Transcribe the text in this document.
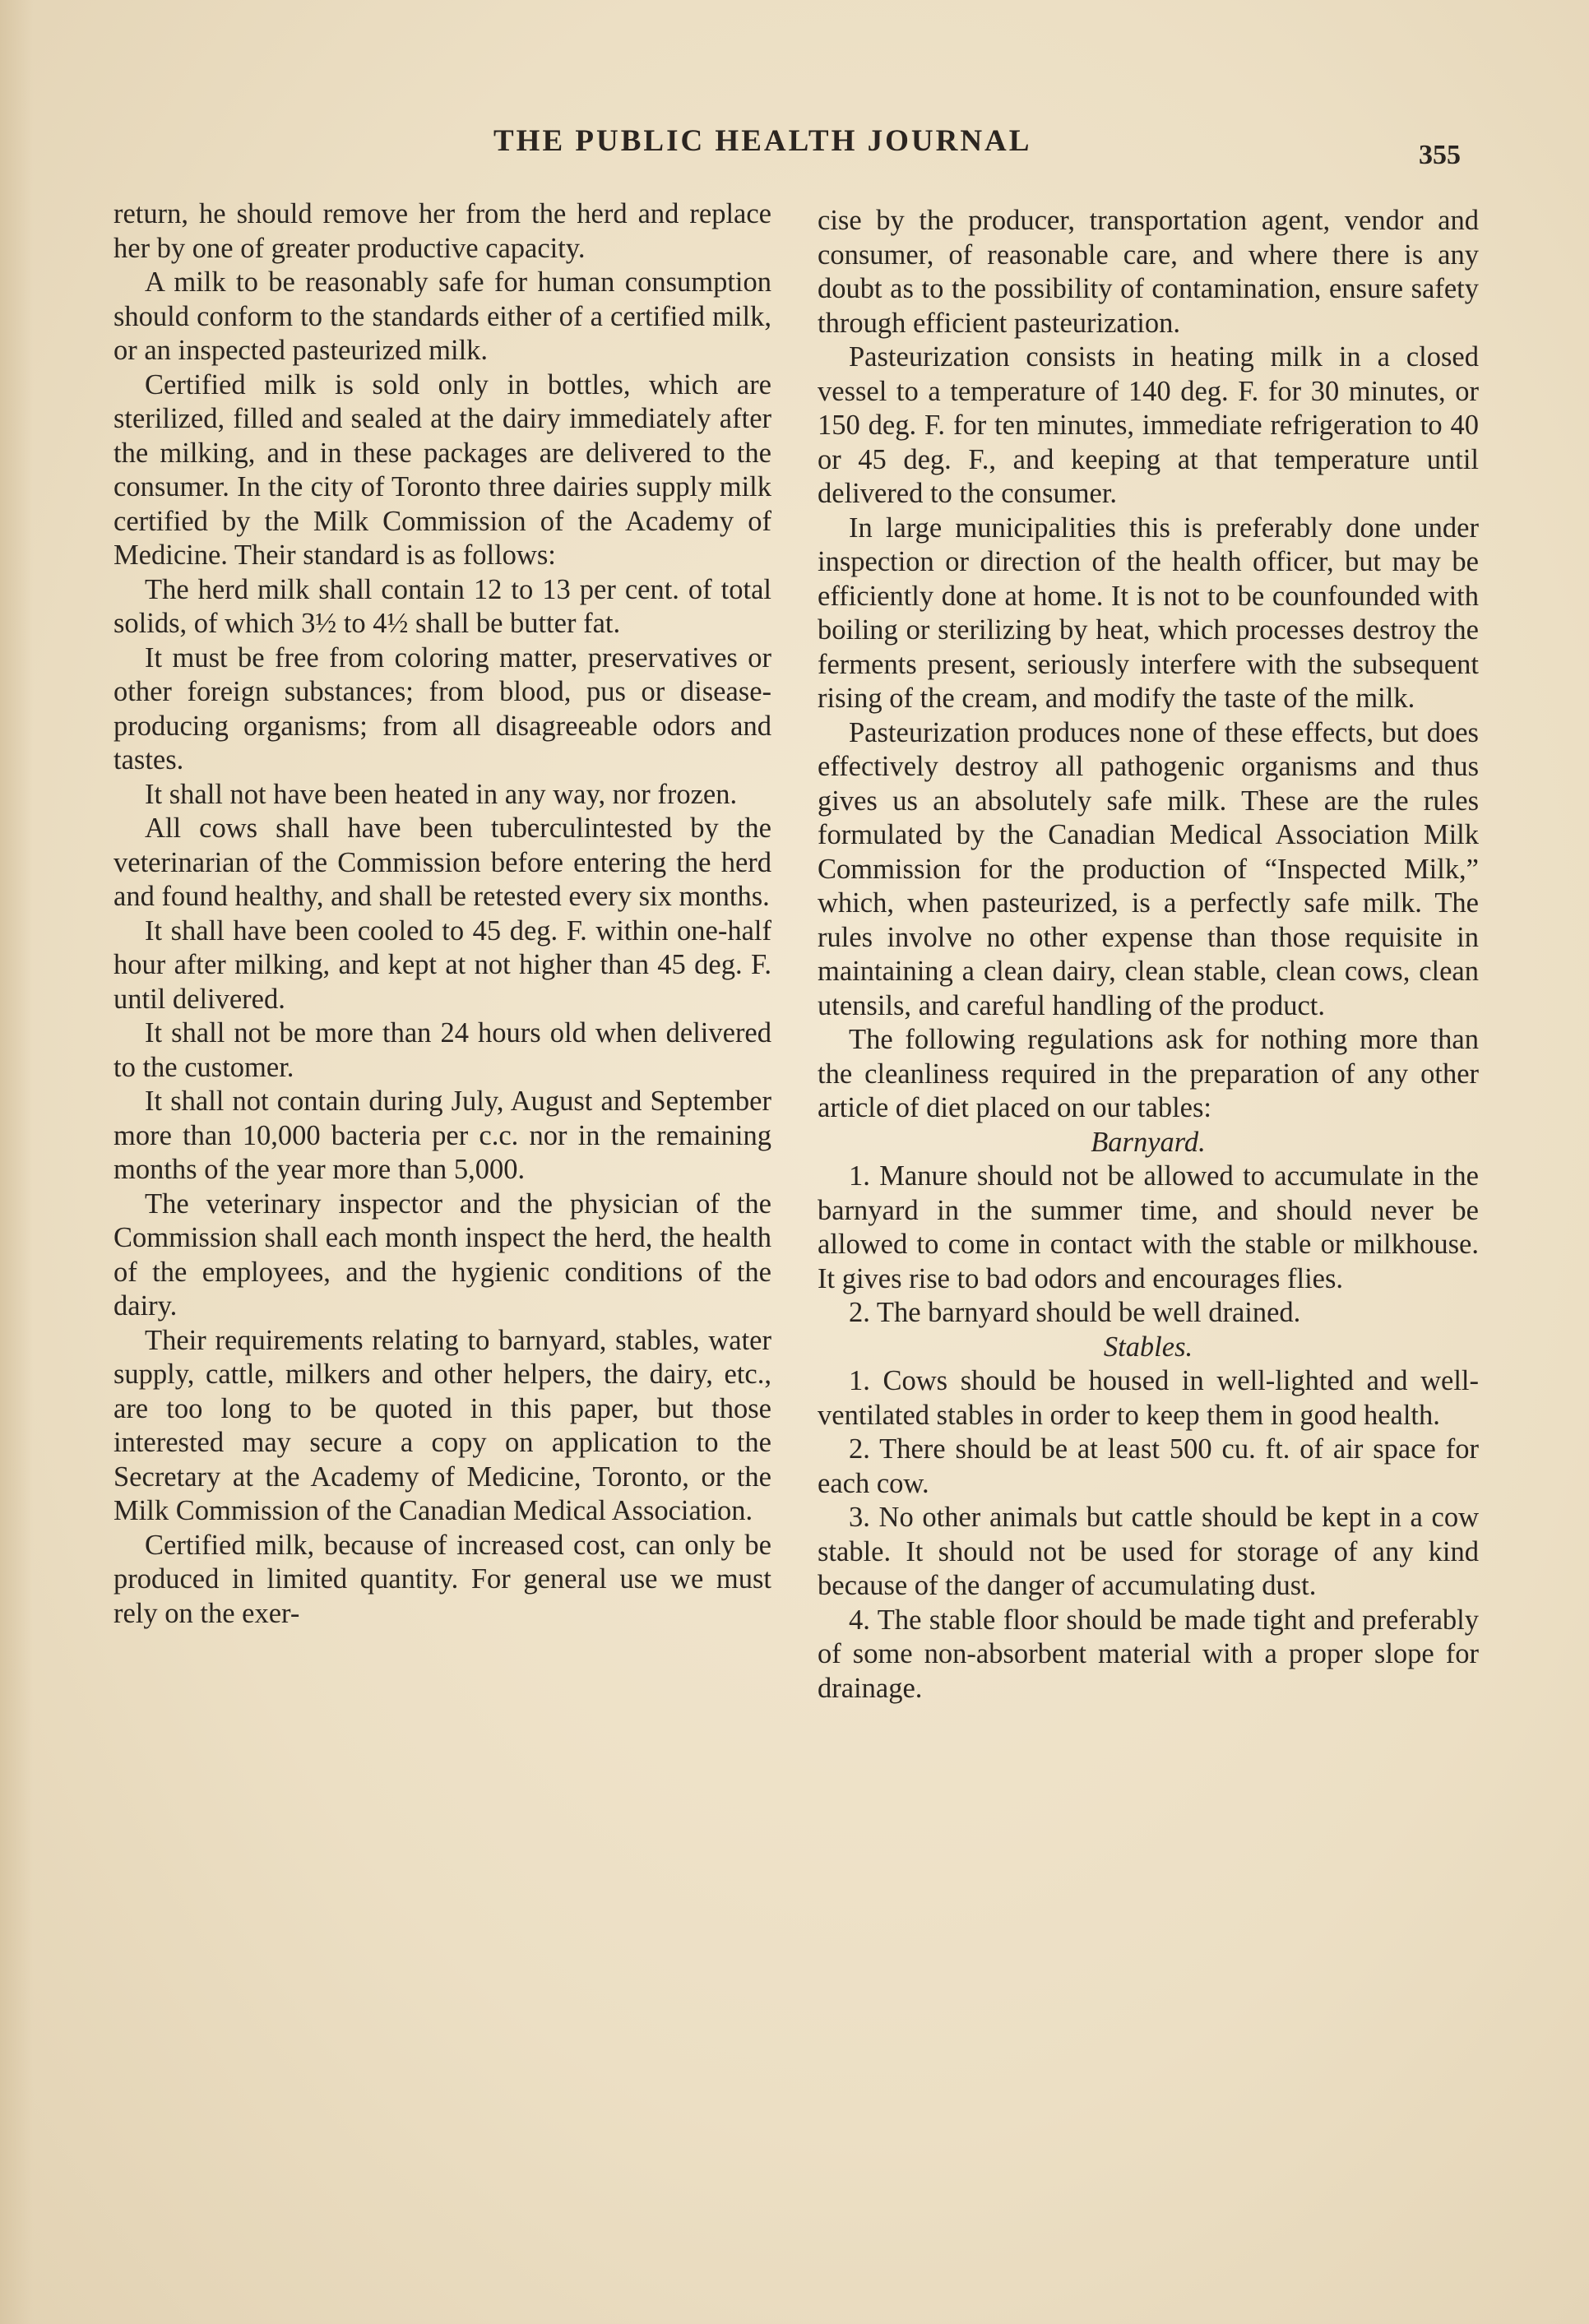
THE PUBLIC HEALTH JOURNAL	355

return, he should remove her from the herd and replace her by one of greater productive capacity.

A milk to be reasonably safe for human consumption should conform to the standards either of a certified milk, or an inspected pasteurized milk.

Certified milk is sold only in bottles, which are sterilized, filled and sealed at the dairy immediately after the milking, and in these packages are delivered to the consumer. In the city of Toronto three dairies supply milk certified by the Milk Commission of the Academy of Medicine. Their standard is as follows:

The herd milk shall contain 12 to 13 per cent. of total solids, of which 3½ to 4½ shall be butter fat.

It must be free from coloring matter, preservatives or other foreign substances; from blood, pus or disease-producing organisms; from all disagreeable odors and tastes.

It shall not have been heated in any way, nor frozen.

All cows shall have been tuberculintested by the veterinarian of the Commission before entering the herd and found healthy, and shall be retested every six months.

It shall have been cooled to 45 deg. F. within one-half hour after milking, and kept at not higher than 45 deg. F. until delivered.

It shall not be more than 24 hours old when delivered to the customer.

It shall not contain during July, August and September more than 10,000 bacteria per c.c. nor in the remaining months of the year more than 5,000.

The veterinary inspector and the physician of the Commission shall each month inspect the herd, the health of the employees, and the hygienic conditions of the dairy.

Their requirements relating to barnyard, stables, water supply, cattle, milkers and other helpers, the dairy, etc., are too long to be quoted in this paper, but those interested may secure a copy on application to the Secretary at the Academy of Medicine, Toronto, or the Milk Commission of the Canadian Medical Association.

Certified milk, because of increased cost, can only be produced in limited quantity. For general use we must rely on the exer-

cise by the producer, transportation agent, vendor and consumer, of reasonable care, and where there is any doubt as to the possibility of contamination, ensure safety through efficient pasteurization.

Pasteurization consists in heating milk in a closed vessel to a temperature of 140 deg. F. for 30 minutes, or 150 deg. F. for ten minutes, immediate refrigeration to 40 or 45 deg. F., and keeping at that temperature until delivered to the consumer.

In large municipalities this is preferably done under inspection or direction of the health officer, but may be efficiently done at home. It is not to be counfounded with boiling or sterilizing by heat, which processes destroy the ferments present, seriously interfere with the subsequent rising of the cream, and modify the taste of the milk.

Pasteurization produces none of these effects, but does effectively destroy all pathogenic organisms and thus gives us an absolutely safe milk. These are the rules formulated by the Canadian Medical Association Milk Commission for the production of “Inspected Milk,” which, when pasteurized, is a perfectly safe milk. The rules involve no other expense than those requisite in maintaining a clean dairy, clean stable, clean cows, clean utensils, and careful handling of the product.

The following regulations ask for nothing more than the cleanliness required in the preparation of any other article of diet placed on our tables:

Barnyard.

1. Manure should not be allowed to accumulate in the barnyard in the summer time, and should never be allowed to come in contact with the stable or milkhouse. It gives rise to bad odors and encourages flies.

2. The barnyard should be well drained.

Stables.

1. Cows should be housed in well-lighted and well-ventilated stables in order to keep them in good health.

2. There should be at least 500 cu. ft. of air space for each cow.

3. No other animals but cattle should be kept in a cow stable. It should not be used for storage of any kind because of the danger of accumulating dust.

4. The stable floor should be made tight and preferably of some non-absorbent material with a proper slope for drainage.
